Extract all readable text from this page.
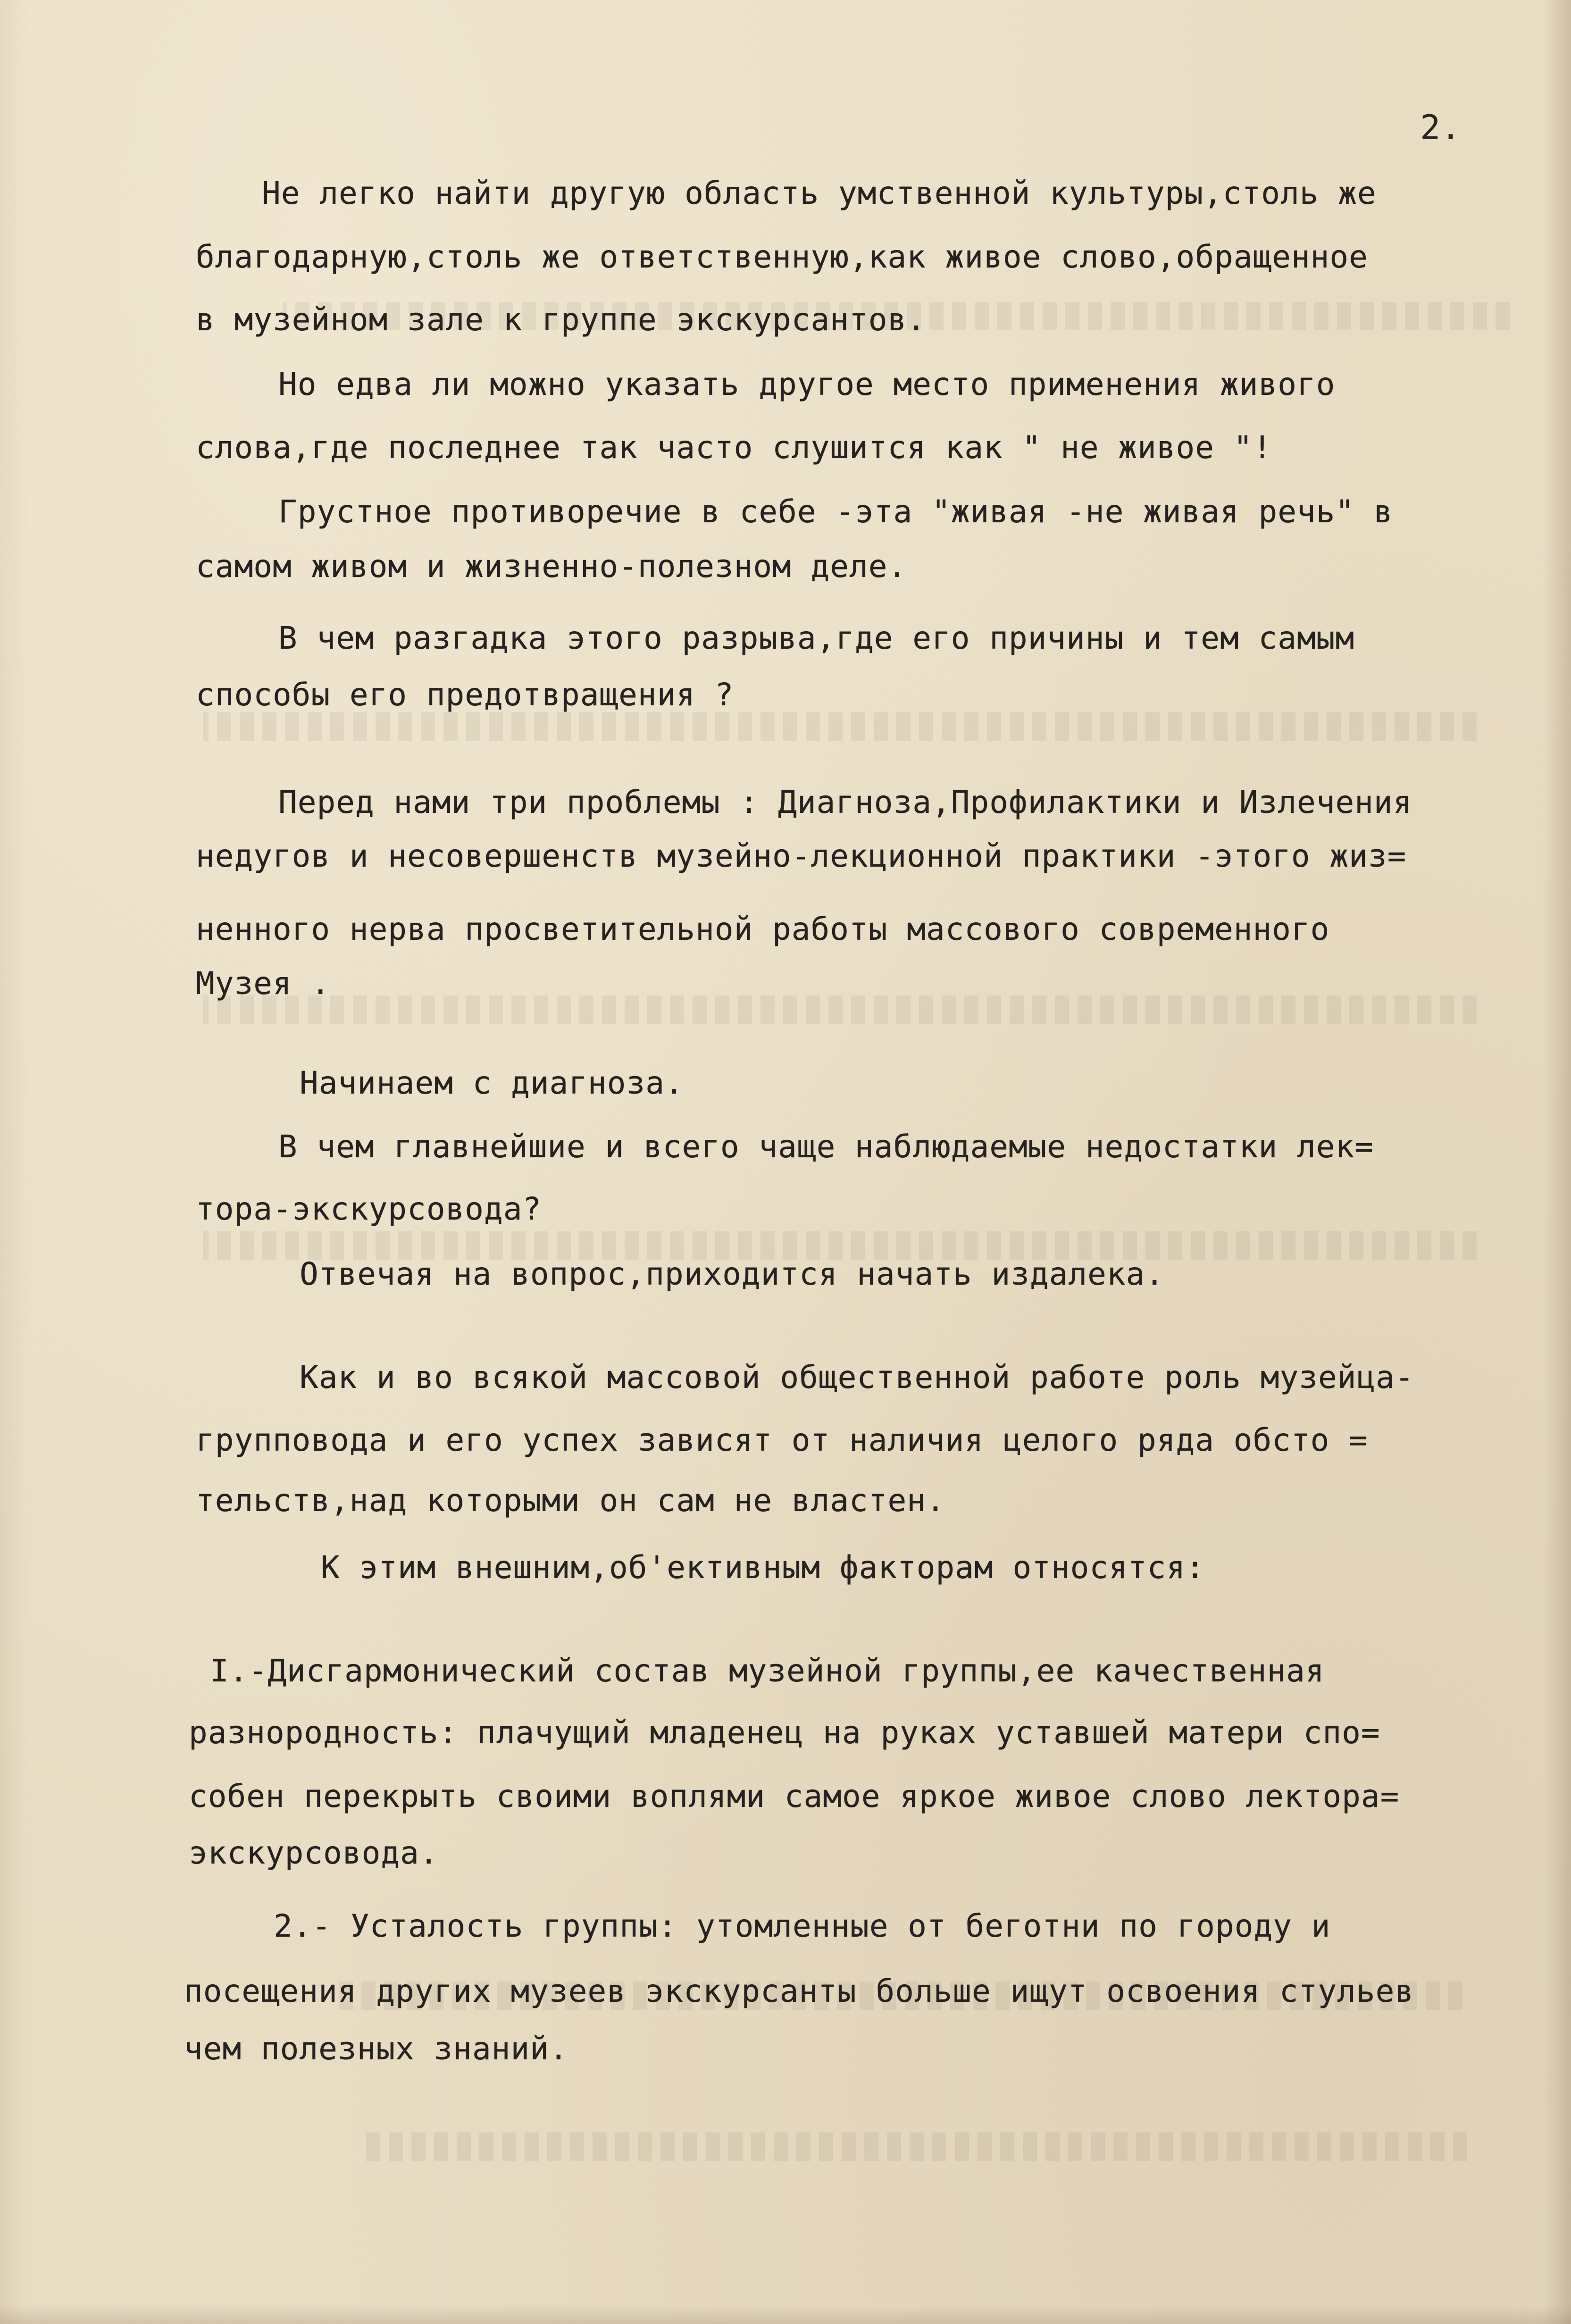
2.
Не легко найти другую область умственной культуры,столь же
благодарную,столь же ответственную,как живое слово,обращенное
в музейном зале к группе экскурсантов.
Но едва ли можно указать другое место применения живого
слова,где последнее так часто слушится как " не живое "!
Грустное противоречие в себе -эта "живая -не живая речь" в
самом живом и жизненно-полезном деле.
В чем разгадка этого разрыва,где его причины и тем самым
способы его предотвращения ?
Перед нами три проблемы : Диагноза,Профилактики и Излечения
недугов и несовершенств музейно-лекционной практики -этого жиз=
ненного нерва просветительной работы массового современного
Музея .
Начинаем с диагноза.
В чем главнейшие и всего чаще наблюдаемые недостатки лек=
тора-экскурсовода?
Отвечая на вопрос,приходится начать издалека.
Как и во всякой массовой общественной работе роль музейца-
групповода и его успех зависят от наличия целого ряда обсто =
тельств,над которыми он сам не властен.
К этим внешним,об'ективным факторам относятся:
I.-Дисгармонический состав музейной группы,ее качественная
разнородность: плачущий младенец на руках уставшей матери спо=
собен перекрыть своими воплями самое яркое живое слово лектора=
экскурсовода.
2.- Усталость группы: утомленные от беготни по городу и
посещения других музеев экскурсанты больше ищут освоения стульев
чем полезных знаний.
